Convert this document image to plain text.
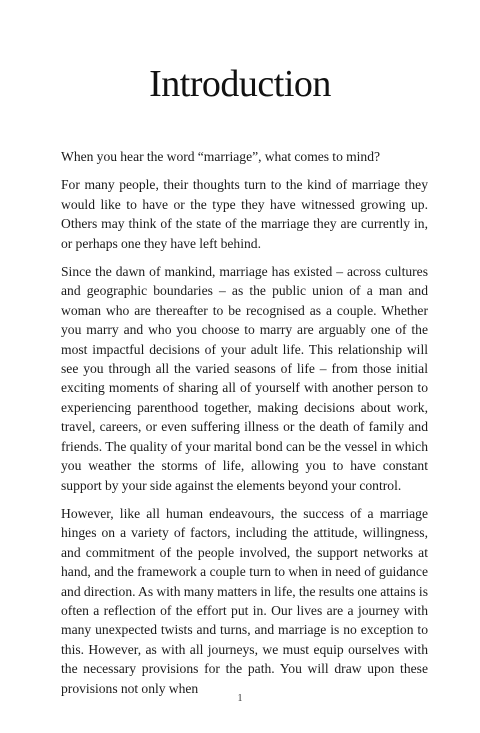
Introduction

When you hear the word “marriage”, what comes to mind?

For many people, their thoughts turn to the kind of marriage they would like to have or the type they have witnessed growing up. Others may think of the state of the marriage they are currently in, or perhaps one they have left behind.

Since the dawn of mankind, marriage has existed – across cultures and geographic boundaries – as the public union of a man and woman who are thereafter to be recognised as a couple. Whether you marry and who you choose to marry are arguably one of the most impactful decisions of your adult life. This relationship will see you through all the varied seasons of life – from those initial exciting moments of sharing all of yourself with another person to experiencing parenthood together, making decisions about work, travel, careers, or even suffering illness or the death of family and friends. The quality of your marital bond can be the vessel in which you weather the storms of life, allowing you to have constant support by your side against the elements beyond your control.

However, like all human endeavours, the success of a marriage hinges on a variety of factors, including the attitude, willingness, and commitment of the people involved, the support networks at hand, and the framework a couple turn to when in need of guidance and direction. As with many matters in life, the results one attains is often a reflection of the effort put in. Our lives are a journey with many unexpected twists and turns, and marriage is no exception to this. However, as with all journeys, we must equip ourselves with the necessary provisions for the path. You will draw upon these provisions not only when

1
